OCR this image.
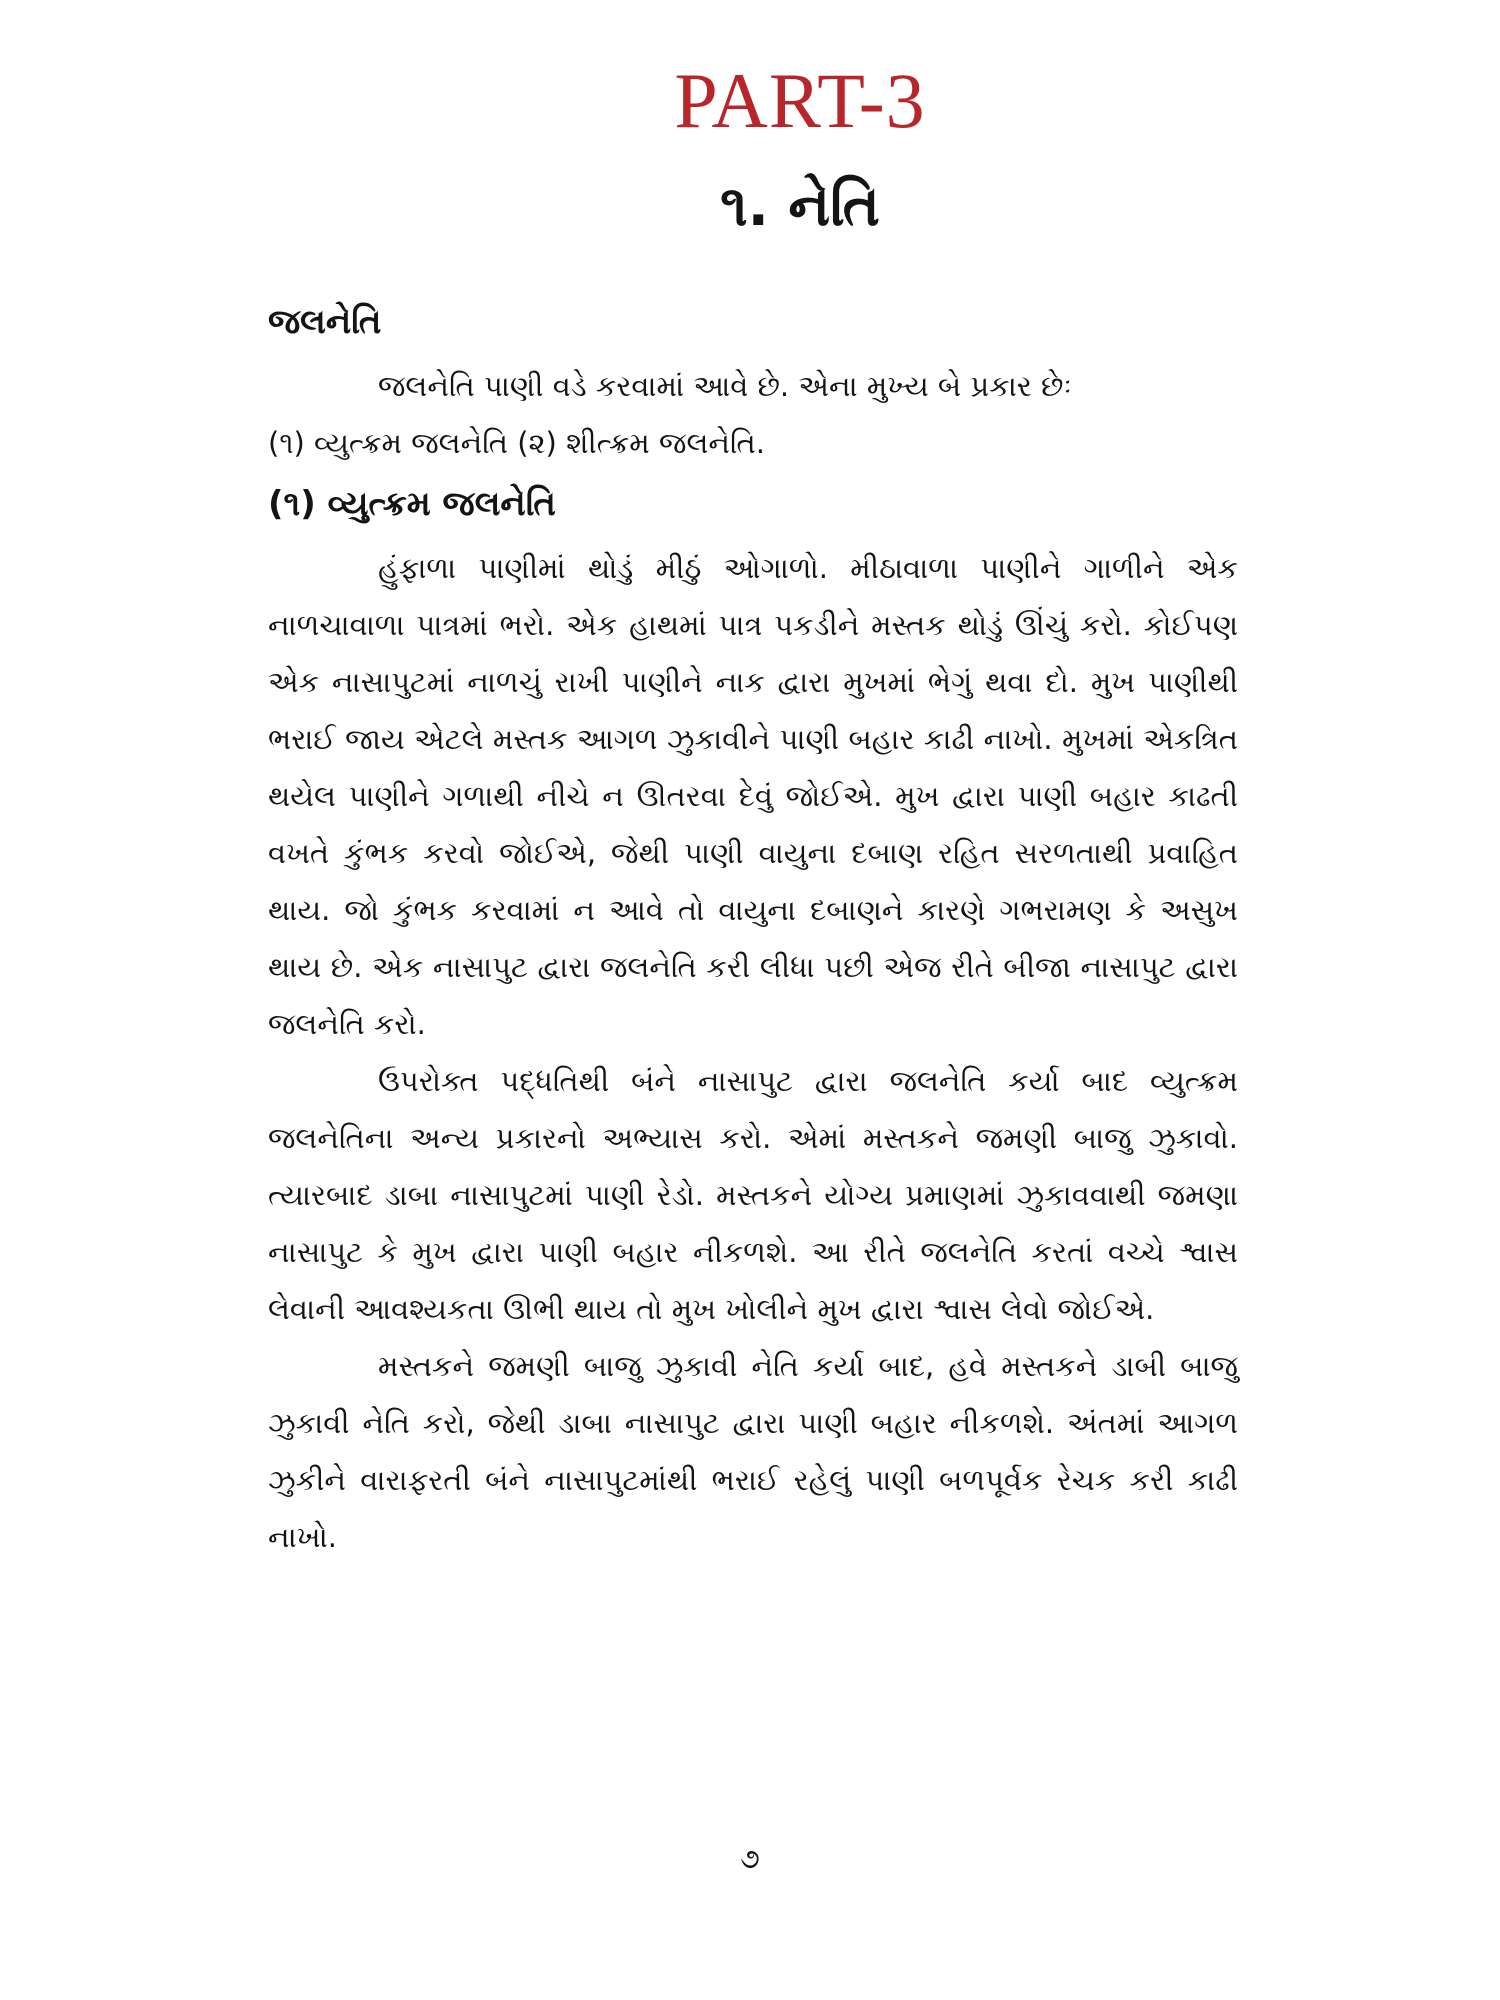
PART-3
૧. નેતિ
જલનેતિ

જલનેતિ પાણી વડે કરવામાં આવે છે. એના મુખ્ય બે પ્રકાર છેઃ

(૧) વ્યુત્ક્રમ જલનેતિ (૨) શીત્ક્રમ જલનેતિ.

(૧) વ્યુત્ક્રમ જલનેતિ

હુંફાળા પાણીમાં થોડું મીઠું ઓગાળો. મીઠાવાળા પાણીને ગાળીને એક નાળચાવાળા પાત્રમાં ભરો. એક હાથમાં પાત્ર પકડીને મસ્તક થોડું ઊંચું કરો. કોઈપણ એક નાસાપુટમાં નાળચું રાખી પાણીને નાક દ્વારા મુખમાં ભેગું થવા દો. મુખ પાણીથી ભરાઈ જાય એટલે મસ્તક આગળ ઝુકાવીને પાણી બહાર કાઢી નાખો. મુખમાં એકત્રિત થયેલ પાણીને ગળાથી નીચે ન ઊતરવા દેવું જોઈએ. મુખ દ્વારા પાણી બહાર કાઢતી વખતે કુંભક કરવો જોઈએ, જેથી પાણી વાયુના દબાણ રહિત સરળતાથી પ્રવાહિત થાય. જો કુંભક કરવામાં ન આવે તો વાયુના દબાણને કારણે ગભરામણ કે અસુખ થાય છે. એક નાસાપુટ દ્વારા જલનેતિ કરી લીધા પછી એજ રીતે બીજા નાસાપુટ દ્વારા જલનેતિ કરો.

ઉપરોક્ત પદ્ધતિથી બંને નાસાપુટ દ્વારા જલનેતિ કર્યા બાદ વ્યુત્ક્રમ જલનેતિના અન્ય પ્રકારનો અભ્યાસ કરો. એમાં મસ્તકને જમણી બાજુ ઝુકાવો. ત્યારબાદ ડાબા નાસાપુટમાં પાણી રેડો. મસ્તકને યોગ્ય પ્રમાણમાં ઝુકાવવાથી જમણા નાસાપુટ કે મુખ દ્વારા પાણી બહાર નીકળશે. આ રીતે જલનેતિ કરતાં વચ્ચે શ્વાસ લેવાની આવશ્યકતા ઊભી થાય તો મુખ ખોલીને મુખ દ્વારા શ્વાસ લેવો જોઈએ.

મસ્તકને જમણી બાજુ ઝુકાવી નેતિ કર્યા બાદ, હવે મસ્તકને ડાબી બાજુ ઝુકાવી નેતિ કરો, જેથી ડાબા નાસાપુટ દ્વારા પાણી બહાર નીકળશે. અંતમાં આગળ ઝુકીને વારાફરતી બંને નાસાપુટમાંથી ભરાઈ રહેલું પાણી બળપૂર્વક રેચક કરી કાઢી નાખો.

૭
